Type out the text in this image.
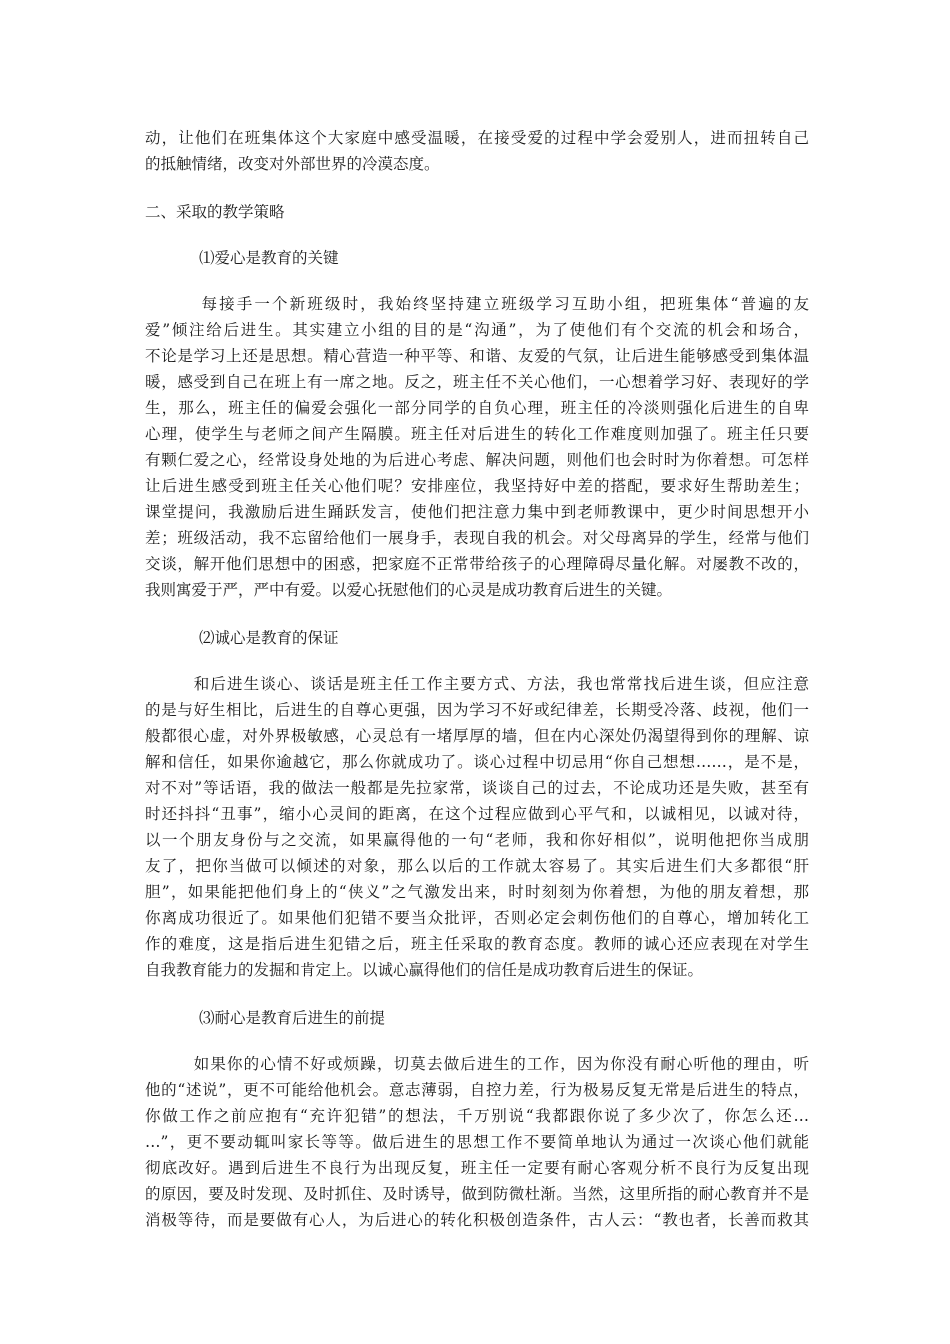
动，让他们在班集体这个大家庭中感受温暖，在接受爱的过程中学会爱别人，进而扭转自己
的抵触情绪，改变对外部世界的冷漠态度。
二、采取的教学策略
⑴爱心是教育的关键
每接手一个新班级时，我始终坚持建立班级学习互助小组，把班集体“普遍的友
爱”倾注给后进生。其实建立小组的目的是“沟通”，为了使他们有个交流的机会和场合，
不论是学习上还是思想。精心营造一种平等、和谐、友爱的气氛，让后进生能够感受到集体温
暖，感受到自己在班上有一席之地。反之，班主任不关心他们，一心想着学习好、表现好的学
生，那么，班主任的偏爱会强化一部分同学的自负心理，班主任的冷淡则强化后进生的自卑
心理，使学生与老师之间产生隔膜。班主任对后进生的转化工作难度则加强了。班主任只要
有颗仁爱之心，经常设身处地的为后进心考虑、解决问题，则他们也会时时为你着想。可怎样
让后进生感受到班主任关心他们呢？安排座位，我坚持好中差的搭配，要求好生帮助差生；
课堂提问，我激励后进生踊跃发言，使他们把注意力集中到老师教课中，更少时间思想开小
差；班级活动，我不忘留给他们一展身手，表现自我的机会。对父母离异的学生，经常与他们
交谈，解开他们思想中的困惑，把家庭不正常带给孩子的心理障碍尽量化解。对屡教不改的，
我则寓爱于严，严中有爱。以爱心抚慰他们的心灵是成功教育后进生的关键。
⑵诚心是教育的保证
和后进生谈心、谈话是班主任工作主要方式、方法，我也常常找后进生谈，但应注意
的是与好生相比，后进生的自尊心更强，因为学习不好或纪律差，长期受冷落、歧视，他们一
般都很心虚，对外界极敏感，心灵总有一堵厚厚的墙，但在内心深处仍渴望得到你的理解、谅
解和信任，如果你逾越它，那么你就成功了。谈心过程中切忌用“你自己想想……，是不是，
对不对”等话语，我的做法一般都是先拉家常，谈谈自己的过去，不论成功还是失败，甚至有
时还抖抖“丑事”，缩小心灵间的距离，在这个过程应做到心平气和，以诚相见，以诚对待，
以一个朋友身份与之交流，如果赢得他的一句“老师，我和你好相似”，说明他把你当成朋
友了，把你当做可以倾述的对象，那么以后的工作就太容易了。其实后进生们大多都很“肝
胆”，如果能把他们身上的“侠义”之气激发出来，时时刻刻为你着想，为他的朋友着想，那
你离成功很近了。如果他们犯错不要当众批评，否则必定会刺伤他们的自尊心，增加转化工
作的难度，这是指后进生犯错之后，班主任采取的教育态度。教师的诚心还应表现在对学生
自我教育能力的发掘和肯定上。以诚心赢得他们的信任是成功教育后进生的保证。
⑶耐心是教育后进生的前提
如果你的心情不好或烦躁，切莫去做后进生的工作，因为你没有耐心听他的理由，听
他的“述说”，更不可能给他机会。意志薄弱，自控力差，行为极易反复无常是后进生的特点，
你做工作之前应抱有“充许犯错”的想法，千万别说“我都跟你说了多少次了，你怎么还…
…”，更不要动辄叫家长等等。做后进生的思想工作不要简单地认为通过一次谈心他们就能
彻底改好。遇到后进生不良行为出现反复，班主任一定要有耐心客观分析不良行为反复出现
的原因，要及时发现、及时抓住、及时诱导，做到防微杜渐。当然，这里所指的耐心教育并不是
消极等待，而是要做有心人，为后进心的转化积极创造条件，古人云：“教也者，长善而救其
